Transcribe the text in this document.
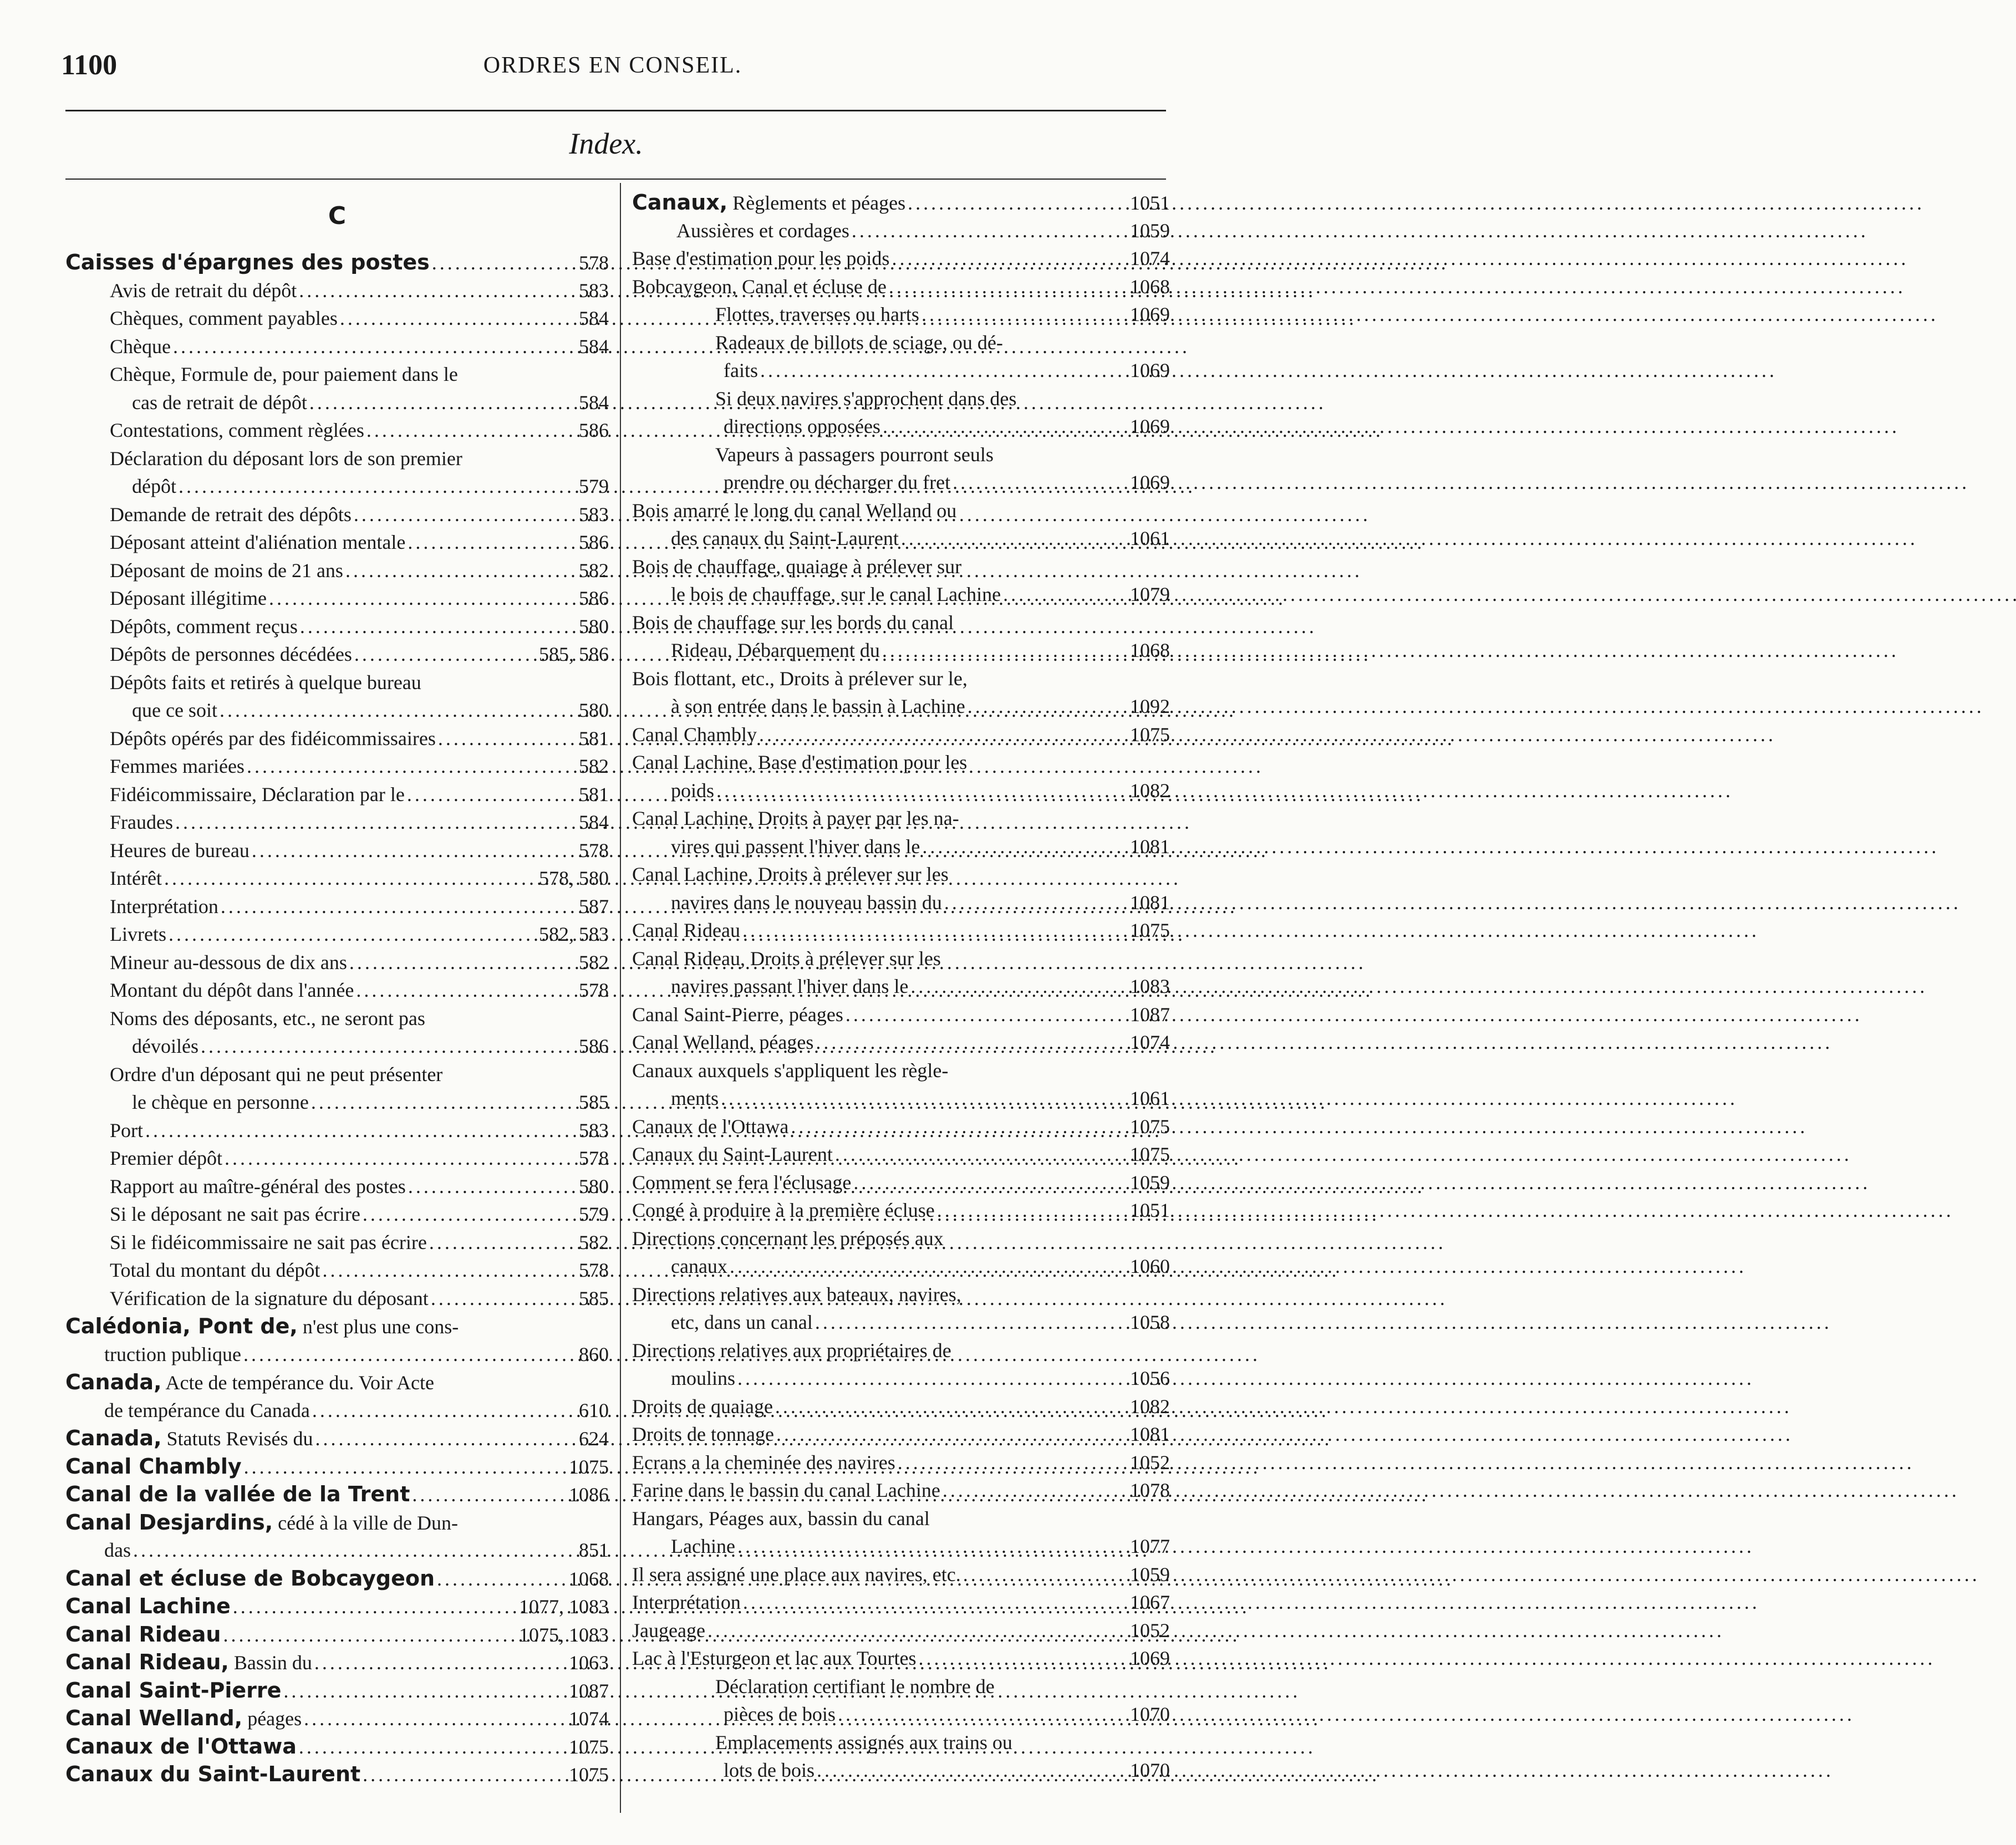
1100	ORDRES EN CONSEIL.
Index.
C
Caisses d'épargnes des postes . . .	578
Avis de retrait du dépôt . . .	583
Chèques, comment payables . . .	584
Chèque . . .	584
Chèque, Formule de, pour paiement dans le
cas de retrait de dépôt . . .	584
Contestations, comment règlées . . .	586
Déclaration du déposant lors de son premier
dépôt . . .	579
Demande de retrait des dépôts . . .	583
Déposant atteint d'aliénation mentale . . .	586
Déposant de moins de 21 ans . . .	582
Déposant illégitime . . .	586
Dépôts, comment reçus . . .	580
Dépôts de personnes décédées . . .	585, 586
Dépôts faits et retirés à quelque bureau
que ce soit . . .	580
Dépôts opérés par des fidéicommissaires . . .	581
Femmes mariées . . .	582
Fidéicommissaire, Déclaration par le . . .	581
Fraudes . . .	584
Heures de bureau . . .	578
Intérêt . . .	578, 580
Interprétation . . .	587
Livrets . . .	582, 583
Mineur au-dessous de dix ans . . .	582
Montant du dépôt dans l'année . . .	578
Noms des déposants, etc., ne seront pas
dévoilés . . .	586
Ordre d'un déposant qui ne peut présenter
le chèque en personne . . .	585
Port . . .	583
Premier dépôt . . .	578
Rapport au maître-général des postes . . .	580
Si le déposant ne sait pas écrire . . .	579
Si le fidéicommissaire ne sait pas écrire . . .	582
Total du montant du dépôt . . .	578
Vérification de la signature du déposant . . .	585
Calédonia, Pont de, n'est plus une cons-
truction publique . . .	860
Canada, Acte de tempérance du. Voir Acte
de tempérance du Canada . . .	610
Canada, Statuts Revisés du . . .	624
Canal Chambly . . .	1075
Canal de la vallée de la Trent . . .	1086
Canal Desjardins, cédé à la ville de Dun-
das . . .	851
Canal et écluse de Bobcaygeon . . .	1068
Canal Lachine . . .	1077, 1083
Canal Rideau . . .	1075, 1083
Canal Rideau, Bassin du . . .	1063
Canal Saint-Pierre . . .	1087
Canal Welland, péages . . .	1074
Canaux de l'Ottawa . . .	1075
Canaux du Saint-Laurent . . .	1075
Canaux, Règlements et péages . . .	1051
Aussières et cordages . . .	1059
Base d'estimation pour les poids . . .	1074
Bobcaygeon, Canal et écluse de . . .	1068
Flottes, traverses ou harts . . .	1069
Radeaux de billots de sciage, ou dé-
faits . . .	1069
Si deux navires s'approchent dans des
directions opposées . . .	1069
Vapeurs à passagers pourront seuls
prendre ou décharger du fret . . .	1069
Bois amarré le long du canal Welland ou
des canaux du Saint-Laurent . . .	1061
Bois de chauffage, quaiage à prélever sur
le bois de chauffage, sur le canal Lachine . . .	1079
Bois de chauffage sur les bords du canal
Rideau, Débarquement du . . .	1068
Bois flottant, etc., Droits à prélever sur le,
à son entrée dans le bassin à Lachine . . .	1092
Canal Chambly . . .	1075
Canal Lachine, Base d'estimation pour les
poids . . .	1082
Canal Lachine, Droits à payer par les na-
vires qui passent l'hiver dans le . . .	1081
Canal Lachine, Droits à prélever sur les
navires dans le nouveau bassin du . . .	1081
Canal Rideau . . .	1075
Canal Rideau, Droits à prélever sur les
navires passant l'hiver dans le . . .	1083
Canal Saint-Pierre, péages . . .	1087
Canal Welland, péages . . .	1074
Canaux auxquels s'appliquent les règle-
ments . . .	1061
Canaux de l'Ottawa . . .	1075
Canaux du Saint-Laurent . . .	1075
Comment se fera l'éclusage . . .	1059
Congé à produire à la première écluse . . .	1051
Directions concernant les préposés aux
canaux . . .	1060
Directions relatives aux bateaux, navires,
etc, dans un canal . . .	1058
Directions relatives aux propriétaires de
moulins . . .	1056
Droits de quaiage . . .	1082
Droits de tonnage . . .	1081
Ecrans a la cheminée des navires . . .	1052
Farine dans le bassin du canal Lachine . . .	1078
Hangars, Péages aux, bassin du canal
Lachine . . .	1077
Il sera assigné une place aux navires, etc. . . .	1059
Interprétation . . .	1067
Jaugeage . . .	1052
Lac à l'Esturgeon et lac aux Tourtes . . .	1069
Déclaration certifiant le nombre de
pièces de bois . . .	1070
Emplacements assignés aux trains ou
lots de bois . . .	1070
